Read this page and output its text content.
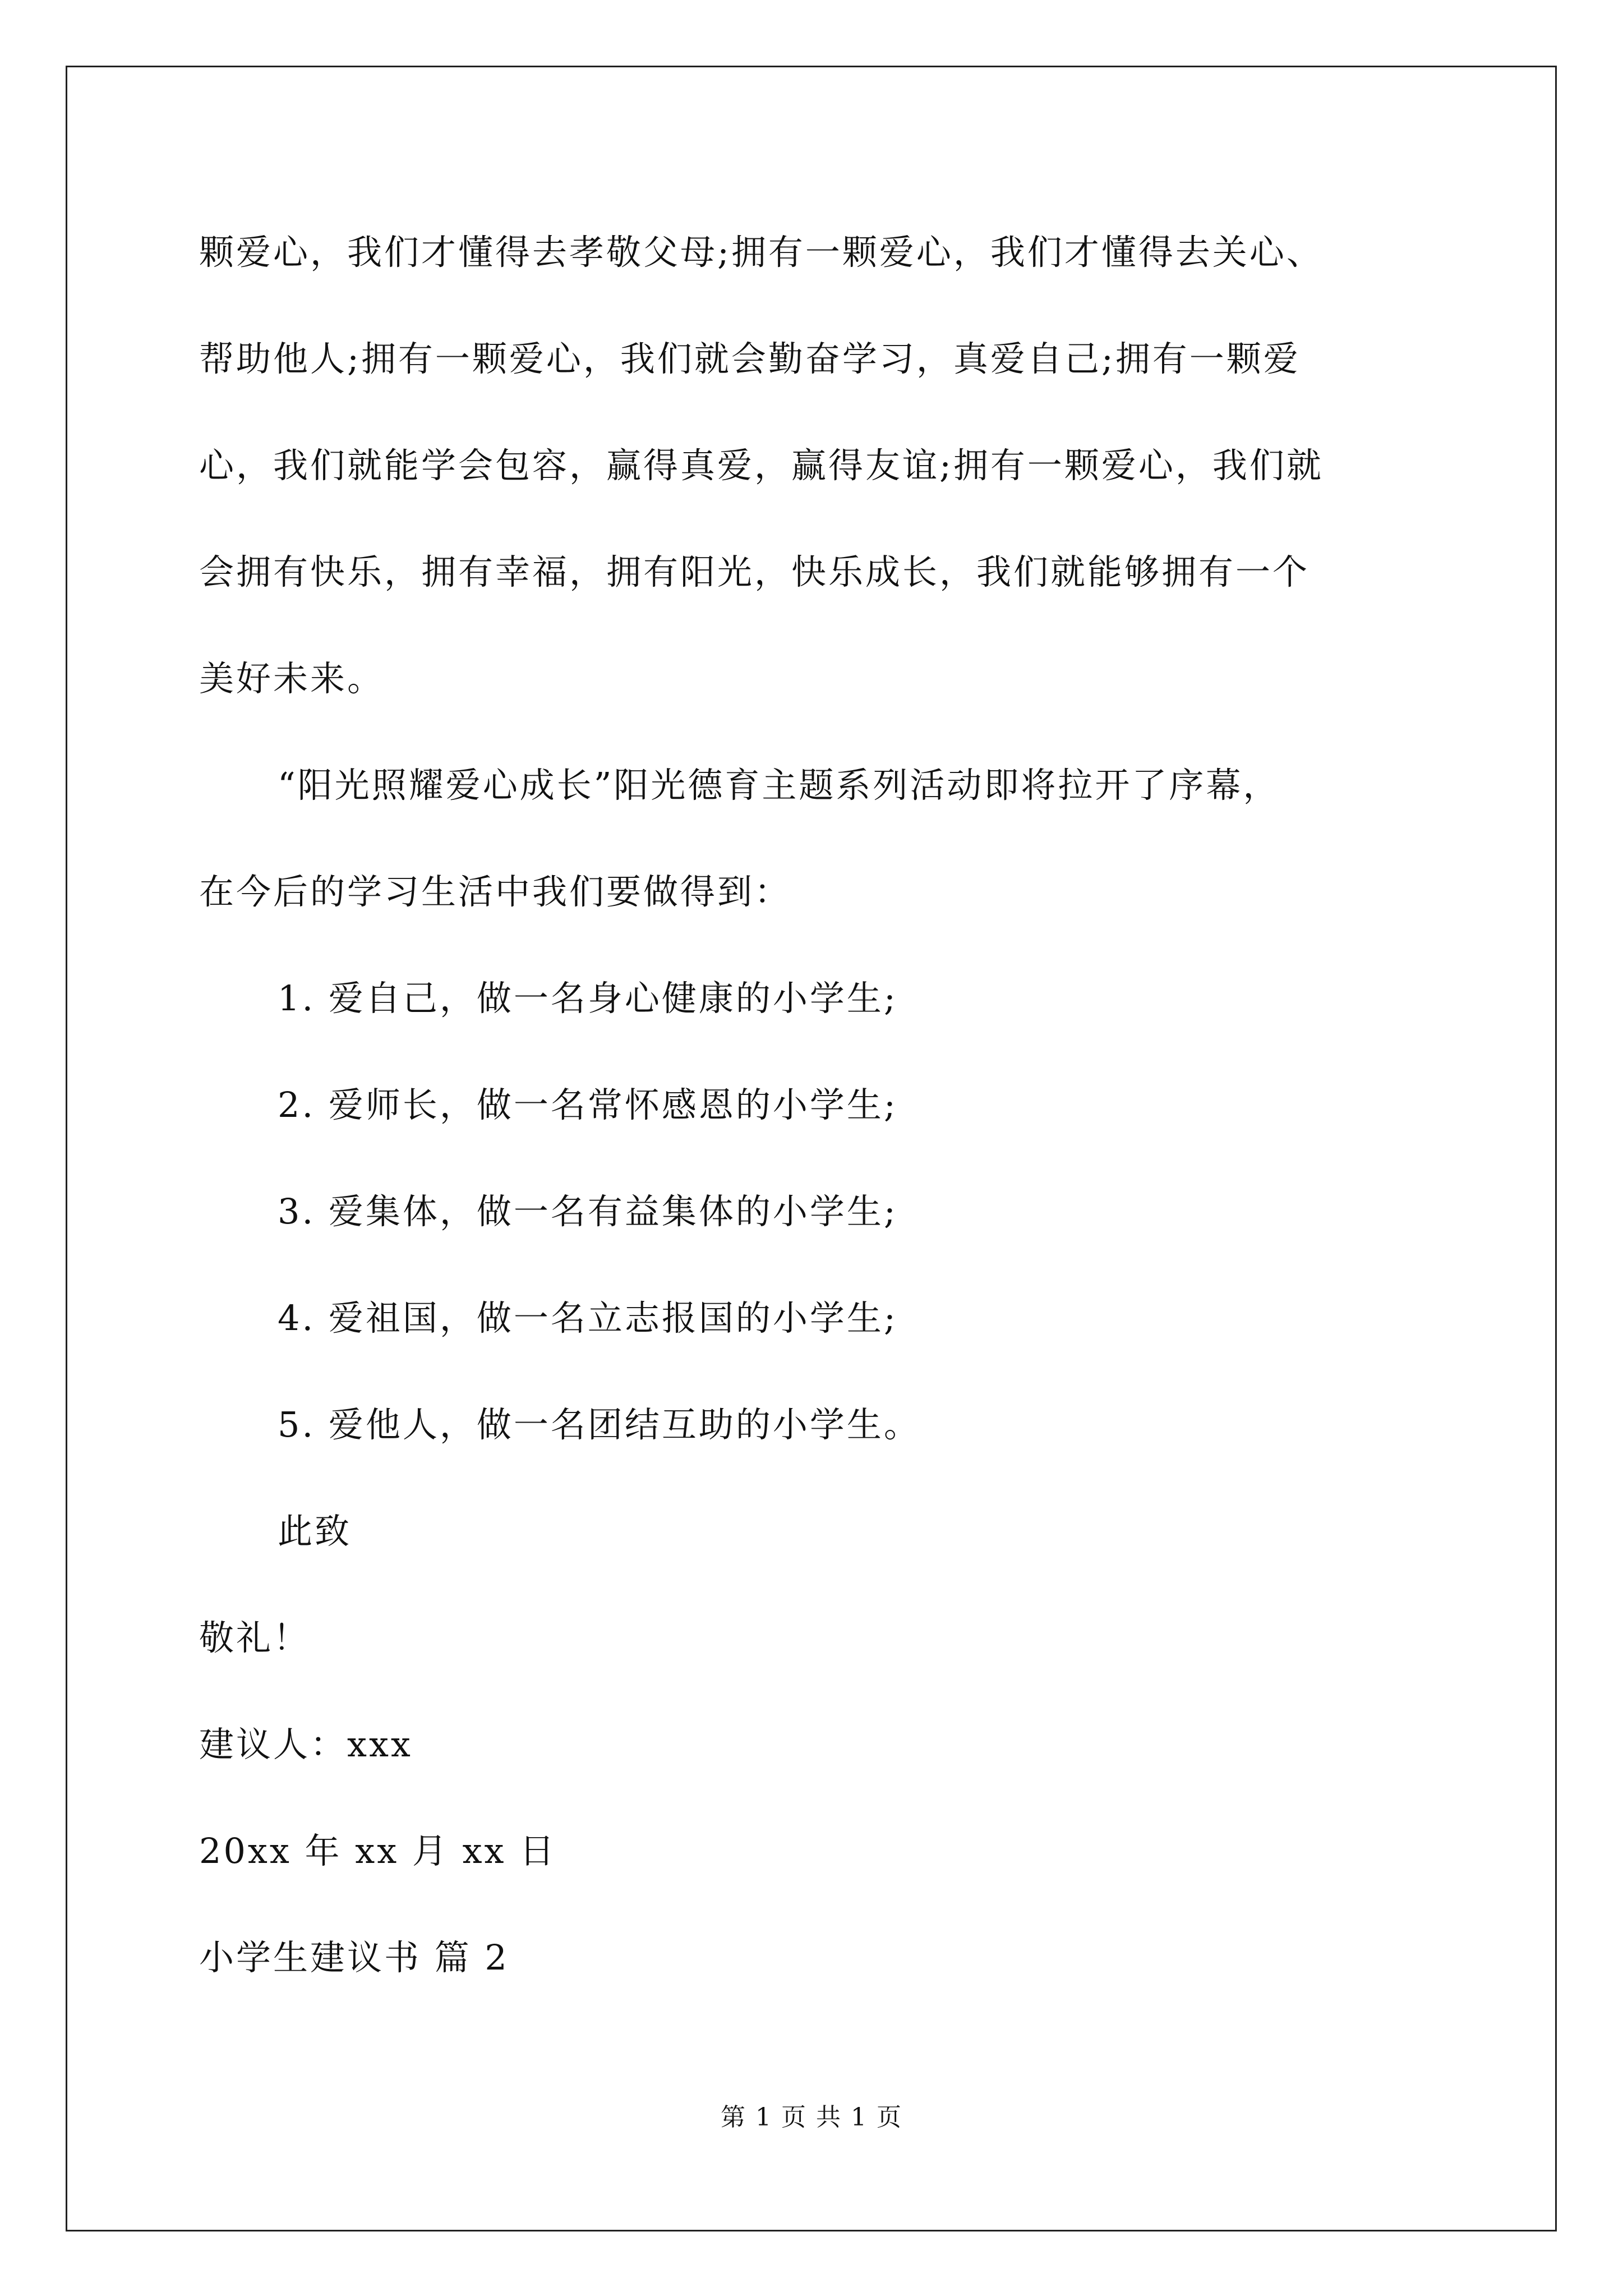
颗爱心，我们才懂得去孝敬父母;拥有一颗爱心，我们才懂得去关心、
帮助他人;拥有一颗爱心，我们就会勤奋学习，真爱自己;拥有一颗爱
心，我们就能学会包容，赢得真爱，赢得友谊;拥有一颗爱心，我们就
会拥有快乐，拥有幸福，拥有阳光，快乐成长，我们就能够拥有一个
美好未来。
“阳光照耀爱心成长”阳光德育主题系列活动即将拉开了序幕，
在今后的学习生活中我们要做得到：
1. 爱自己，做一名身心健康的小学生;
2. 爱师长，做一名常怀感恩的小学生;
3. 爱集体，做一名有益集体的小学生;
4. 爱祖国，做一名立志报国的小学生;
5. 爱他人，做一名团结互助的小学生。
此致
敬礼！
建议人：xxx
20xx 年 xx 月 xx 日
小学生建议书 篇 2
第 1 页 共 1 页
